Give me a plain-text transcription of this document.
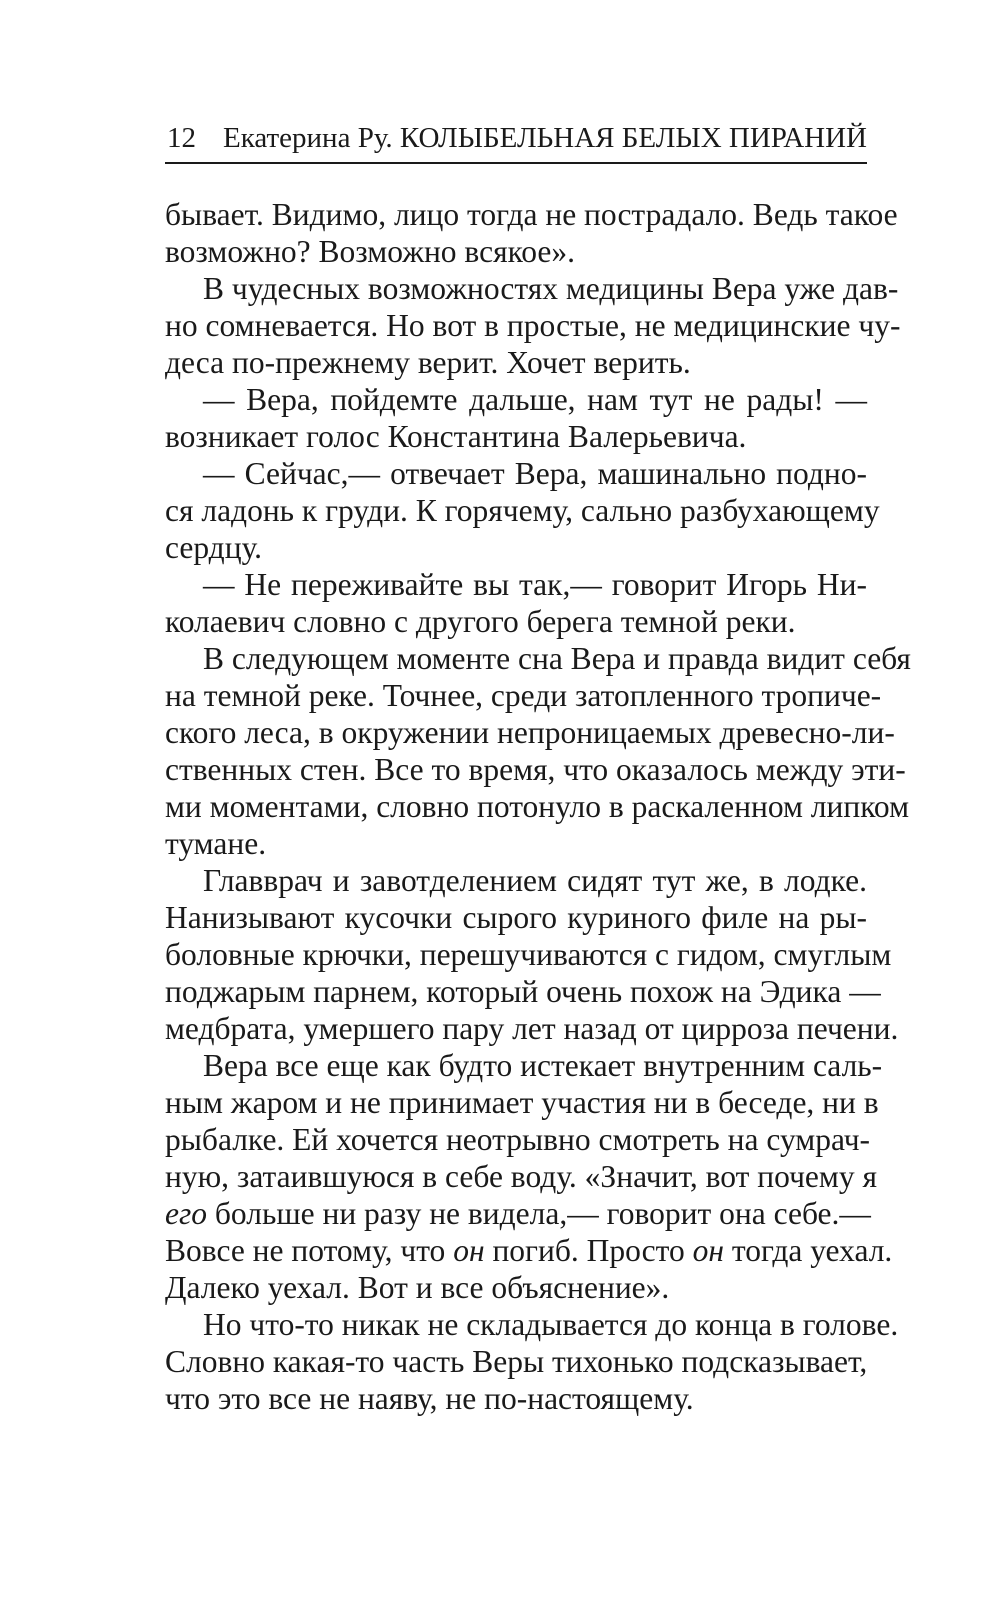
12 Екатерина Ру. КОЛЫБЕЛЬНАЯ БЕЛЫХ ПИРАНИЙ

бывает. Видимо, лицо тогда не пострадало. Ведь такое
возможно? Возможно всякое».

В чудесных возможностях медицины Вера уже дав-
но сомневается. Но вот в простые, не медицинские чу-
деса по-прежнему верит. Хочет верить.

— Вера, пойдемте дальше, нам тут не рады! —
возникает голос Константина Валерьевича.

— Сейчас,— отвечает Вера, машинально подно-
ся ладонь к груди. К горячему, сально разбухающему
сердцу.

— Не переживайте вы так,— говорит Игорь Ни-
колаевич словно с другого берега темной реки.

В следующем моменте сна Вера и правда видит себя
на темной реке. Точнее, среди затопленного тропиче-
ского леса, в окружении непроницаемых древесно-ли-
ственных стен. Все то время, что оказалось между эти-
ми моментами, словно потонуло в раскаленном липком
тумане.

Главврач и завотделением сидят тут же, в лодке.
Нанизывают кусочки сырого куриного филе на ры-
боловные крючки, перешучиваются с гидом, смуглым
поджарым парнем, который очень похож на Эдика —
медбрата, умершего пару лет назад от цирроза печени.

Вера все еще как будто истекает внутренним саль-
ным жаром и не принимает участия ни в беседе, ни в
рыбалке. Ей хочется неотрывно смотреть на сумрач-
ную, затаившуюся в себе воду. «Значит, вот почему я
его больше ни разу не видела,— говорит она себе.—
Вовсе не потому, что он погиб. Просто он тогда уехал.
Далеко уехал. Вот и все объяснение».

Но что-то никак не складывается до конца в голове.
Словно какая-то часть Веры тихонько подсказывает,
что это все не наяву, не по-настоящему.
